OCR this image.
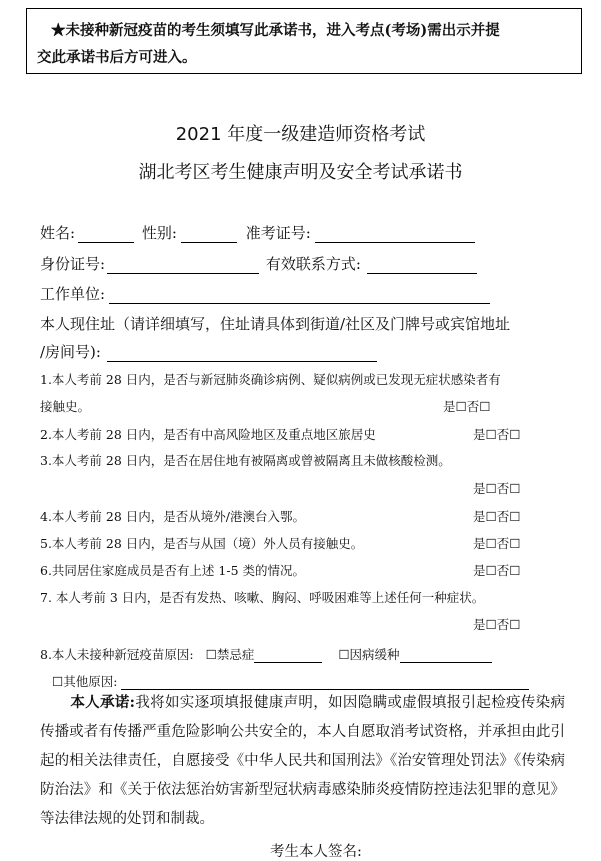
★未接种新冠疫苗的考生须填写此承诺书，进入考点(考场)需出示并提
交此承诺书后方可进入。
2021 年度一级建造师资格考试
湖北考区考生健康声明及安全考试承诺书
姓名:	性别:	准考证号:
身份证号:	有效联系方式:
工作单位:
本人现住址（请详细填写，住址请具体到街道/社区及门牌号或宾馆地址
/房间号):
1.本人考前 28 日内，是否与新冠肺炎确诊病例、疑似病例或已发现无症状感染者有
接触史。	是☐否☐
2.本人考前 28 日内，是否有中高风险地区及重点地区旅居史	是☐否☐
3.本人考前 28 日内，是否在居住地有被隔离或曾被隔离且未做核酸检测。
是☐否☐
4.本人考前 28 日内，是否从境外/港澳台入鄂。	是☐否☐
5.本人考前 28 日内，是否与从国（境）外人员有接触史。	是☐否☐
6.共同居住家庭成员是否有上述 1-5 类的情况。	是☐否☐
7. 本人考前 3 日内，是否有发热、咳嗽、胸闷、呼吸困难等上述任何一种症状。
是☐否☐
8.本人未接种新冠疫苗原因: ☐禁忌症	☐因病缓种
☐其他原因:
本人承诺:我将如实逐项填报健康声明，如因隐瞒或虚假填报引起检疫传染病传播或者有传播严重危险影响公共安全的，本人自愿取消考试资格，并承担由此引起的相关法律责任，自愿接受《中华人民共和国刑法》《治安管理处罚法》《传染病防治法》和《关于依法惩治妨害新型冠状病毒感染肺炎疫情防控违法犯罪的意见》等法律法规的处罚和制裁。
考生本人签名:
